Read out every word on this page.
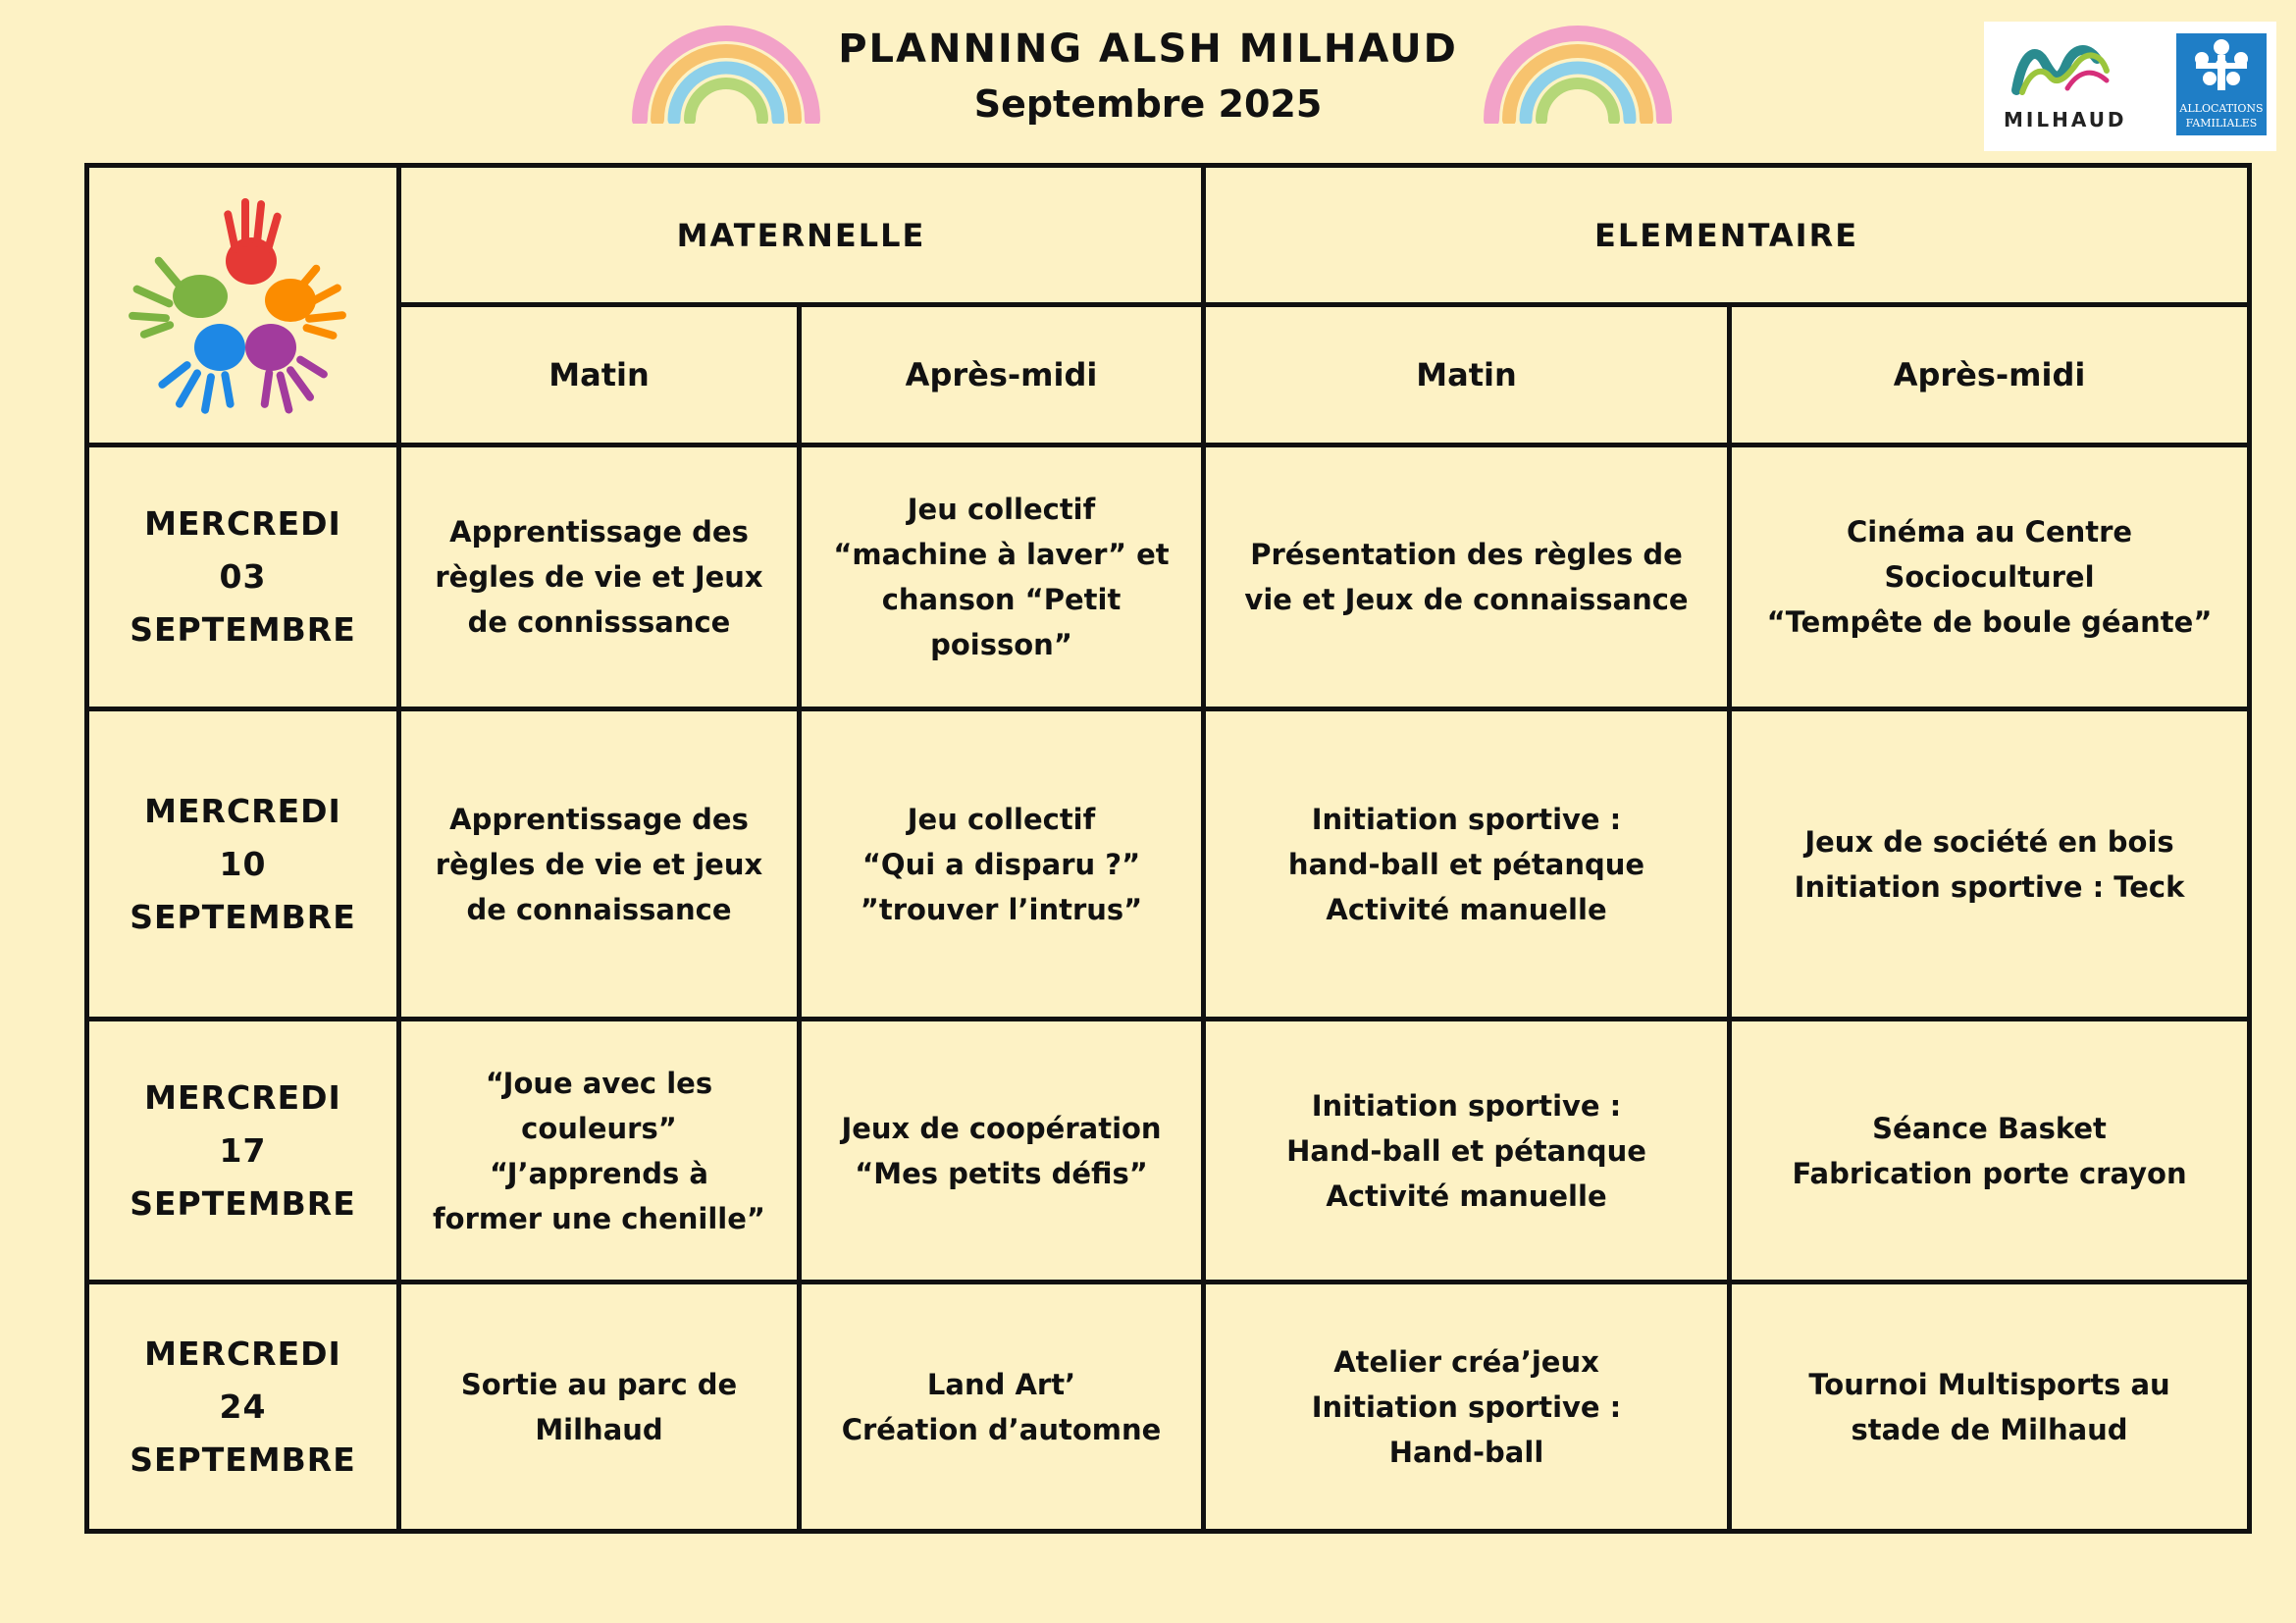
PLANNING ALSH MILHAUD
Septembre 2025	MILHAUD	ALLOCATIONS
FAMILIALES
	MATERNELLE		ELEMENTAIRE	
	Matin	Après-midi	Matin	Après-midi

MERCREDI
03
SEPTEMBRE	Apprentissage des
règles de vie et Jeux
de connisssance	Jeu collectif
“machine à laver” et
chanson “Petit
poisson”	Présentation des règles de
vie et Jeux de connaissance	Cinéma au Centre
Socioculturel
“Tempête de boule géante”

MERCREDI
10
SEPTEMBRE	Apprentissage des
règles de vie et jeux
de connaissance	Jeu collectif
“Qui a disparu ?”
”trouver l’intrus”	Initiation sportive :
hand-ball et pétanque
Activité manuelle	Jeux de société en bois
Initiation sportive : Teck

MERCREDI
17
SEPTEMBRE	“Joue avec les
couleurs”
“J’apprends à
former une chenille”	Jeux de coopération
“Mes petits défis”	Initiation sportive :
Hand-ball et pétanque
Activité manuelle	Séance Basket
Fabrication porte crayon

MERCREDI
24
SEPTEMBRE	Sortie au parc de
Milhaud	Land Art’
Création d’automne	Atelier créa’jeux
Initiation sportive :
Hand-ball	Tournoi Multisports au
stade de Milhaud
